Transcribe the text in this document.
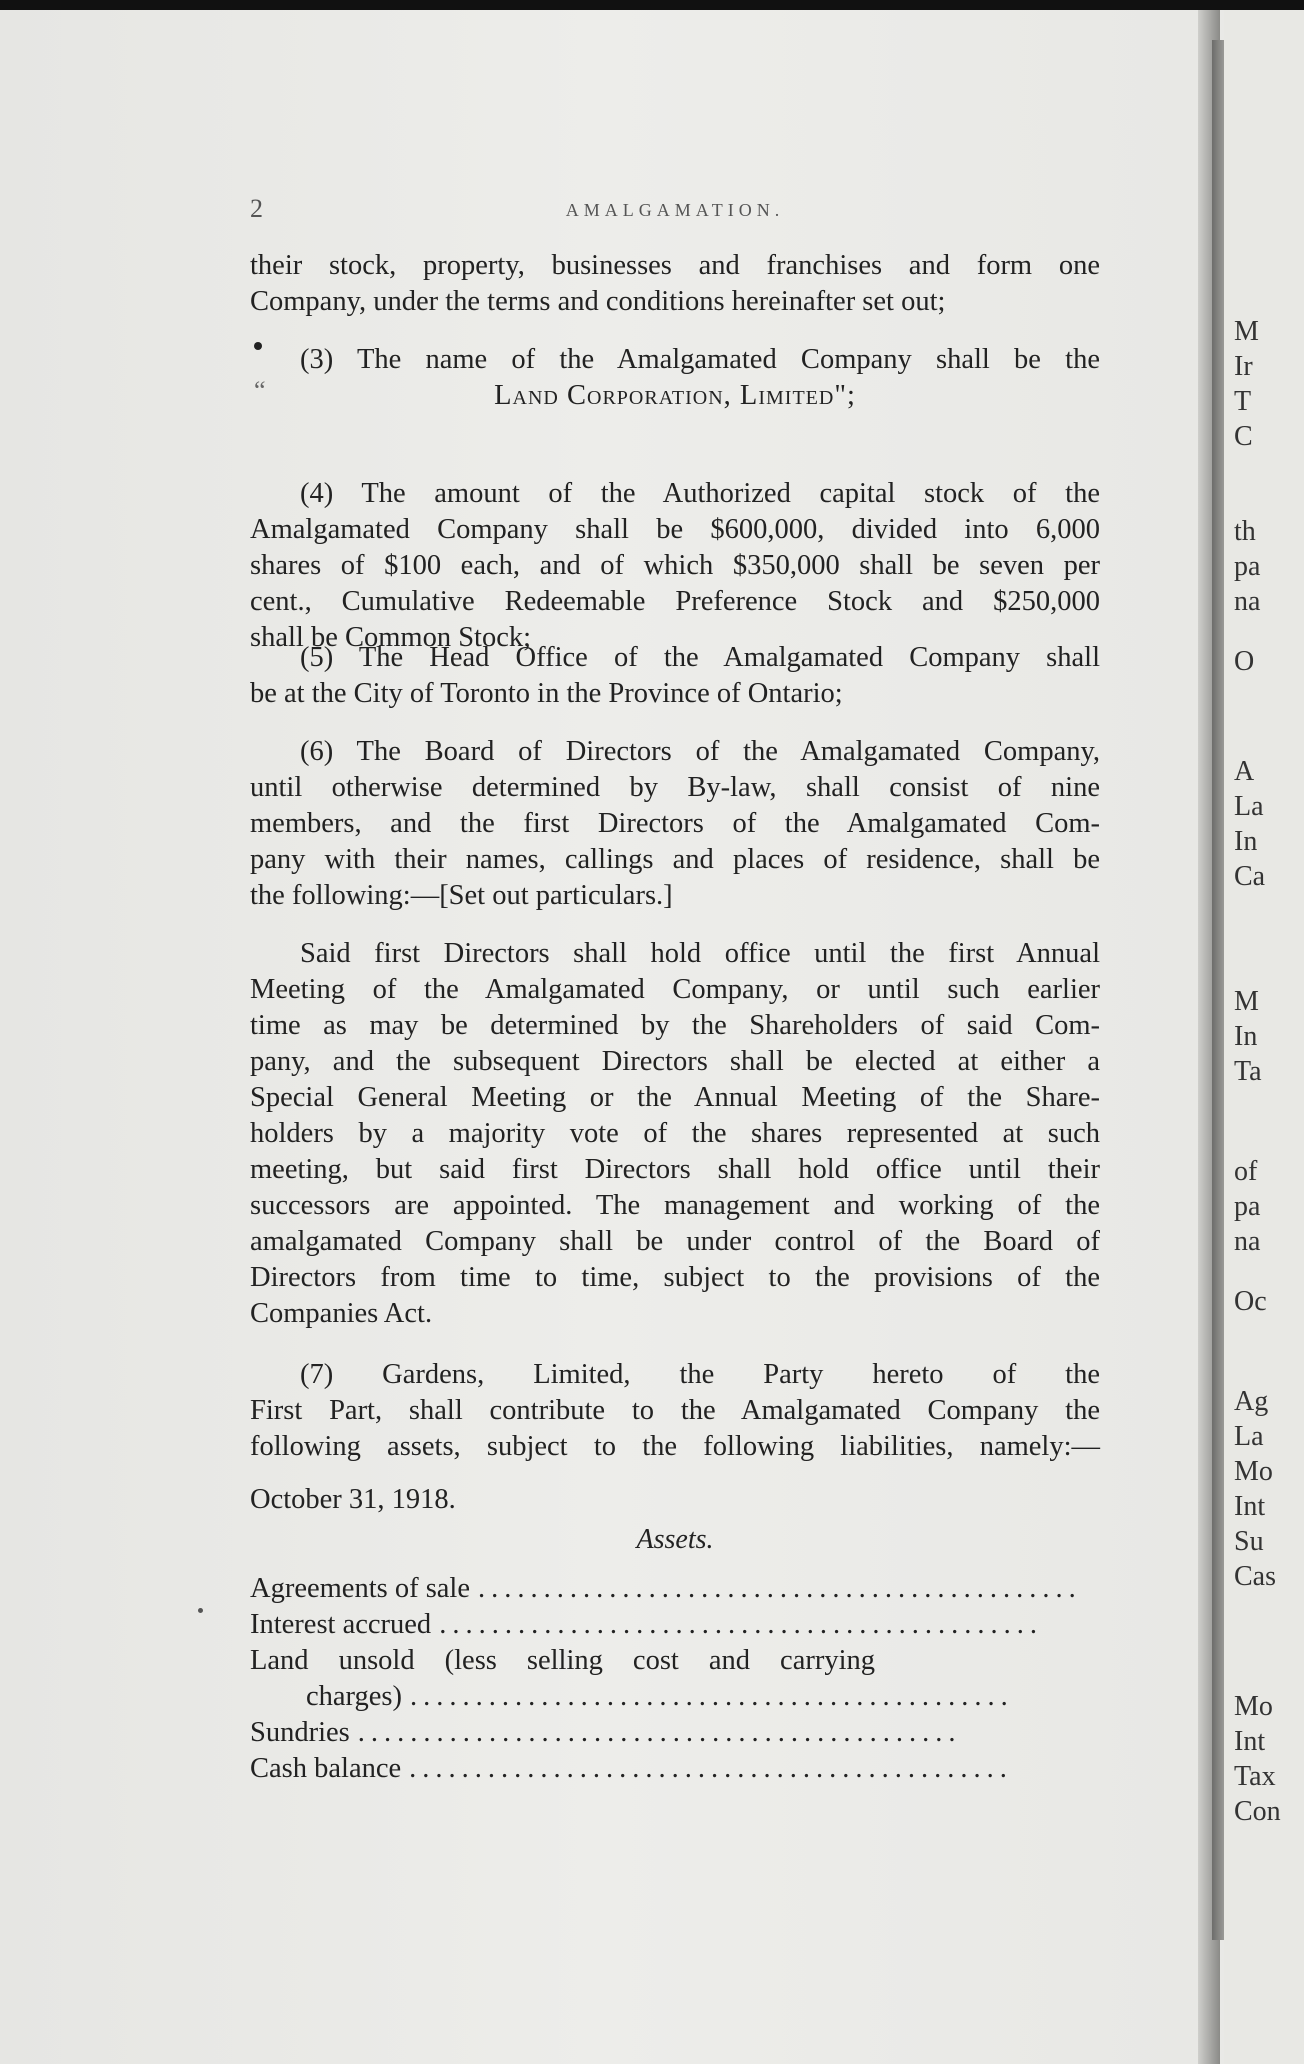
M
Ir
T
C
th
pa
na
O
A
La
In
Ca
M
In
Ta
of
pa
na
Oc
Ag
La
Mo
Int
Su
Cas
Mo
Int
Tax
Con
2	AMALGAMATION.
“
their stock, property, businesses and franchises and form one
Company, under the terms and conditions hereinafter set out;
(3) The name of the Amalgamated Company shall be the
Land Corporation, Limited";
(4) The amount of the Authorized capital stock of the
Amalgamated Company shall be $600,000, divided into 6,000
shares of $100 each, and of which $350,000 shall be seven per
cent., Cumulative Redeemable Preference Stock and $250,000
shall be Common Stock;
(5) The Head Office of the Amalgamated Company shall
be at the City of Toronto in the Province of Ontario;
(6) The Board of Directors of the Amalgamated Company,
until otherwise determined by By-law, shall consist of nine
members, and the first Directors of the Amalgamated Com-
pany with their names, callings and places of residence, shall be
the following:—[Set out particulars.]
Said first Directors shall hold office until the first Annual
Meeting of the Amalgamated Company, or until such earlier
time as may be determined by the Shareholders of said Com-
pany, and the subsequent Directors shall be elected at either a
Special General Meeting or the Annual Meeting of the Share-
holders by a majority vote of the shares represented at such
meeting, but said first Directors shall hold office until their
successors are appointed. The management and working of the
amalgamated Company shall be under control of the Board of
Directors from time to time, subject to the provisions of the
Companies Act.
(7) Gardens, Limited, the Party hereto of the
First Part, shall contribute to the Amalgamated Company the
following assets, subject to the following liabilities, namely:—
October 31, 1918.
Assets.
Agreements of sale ..............................................
Interest accrued ..............................................
Land unsold (less selling cost and carrying
charges) ..............................................
Sundries ..............................................
Cash balance ..............................................
